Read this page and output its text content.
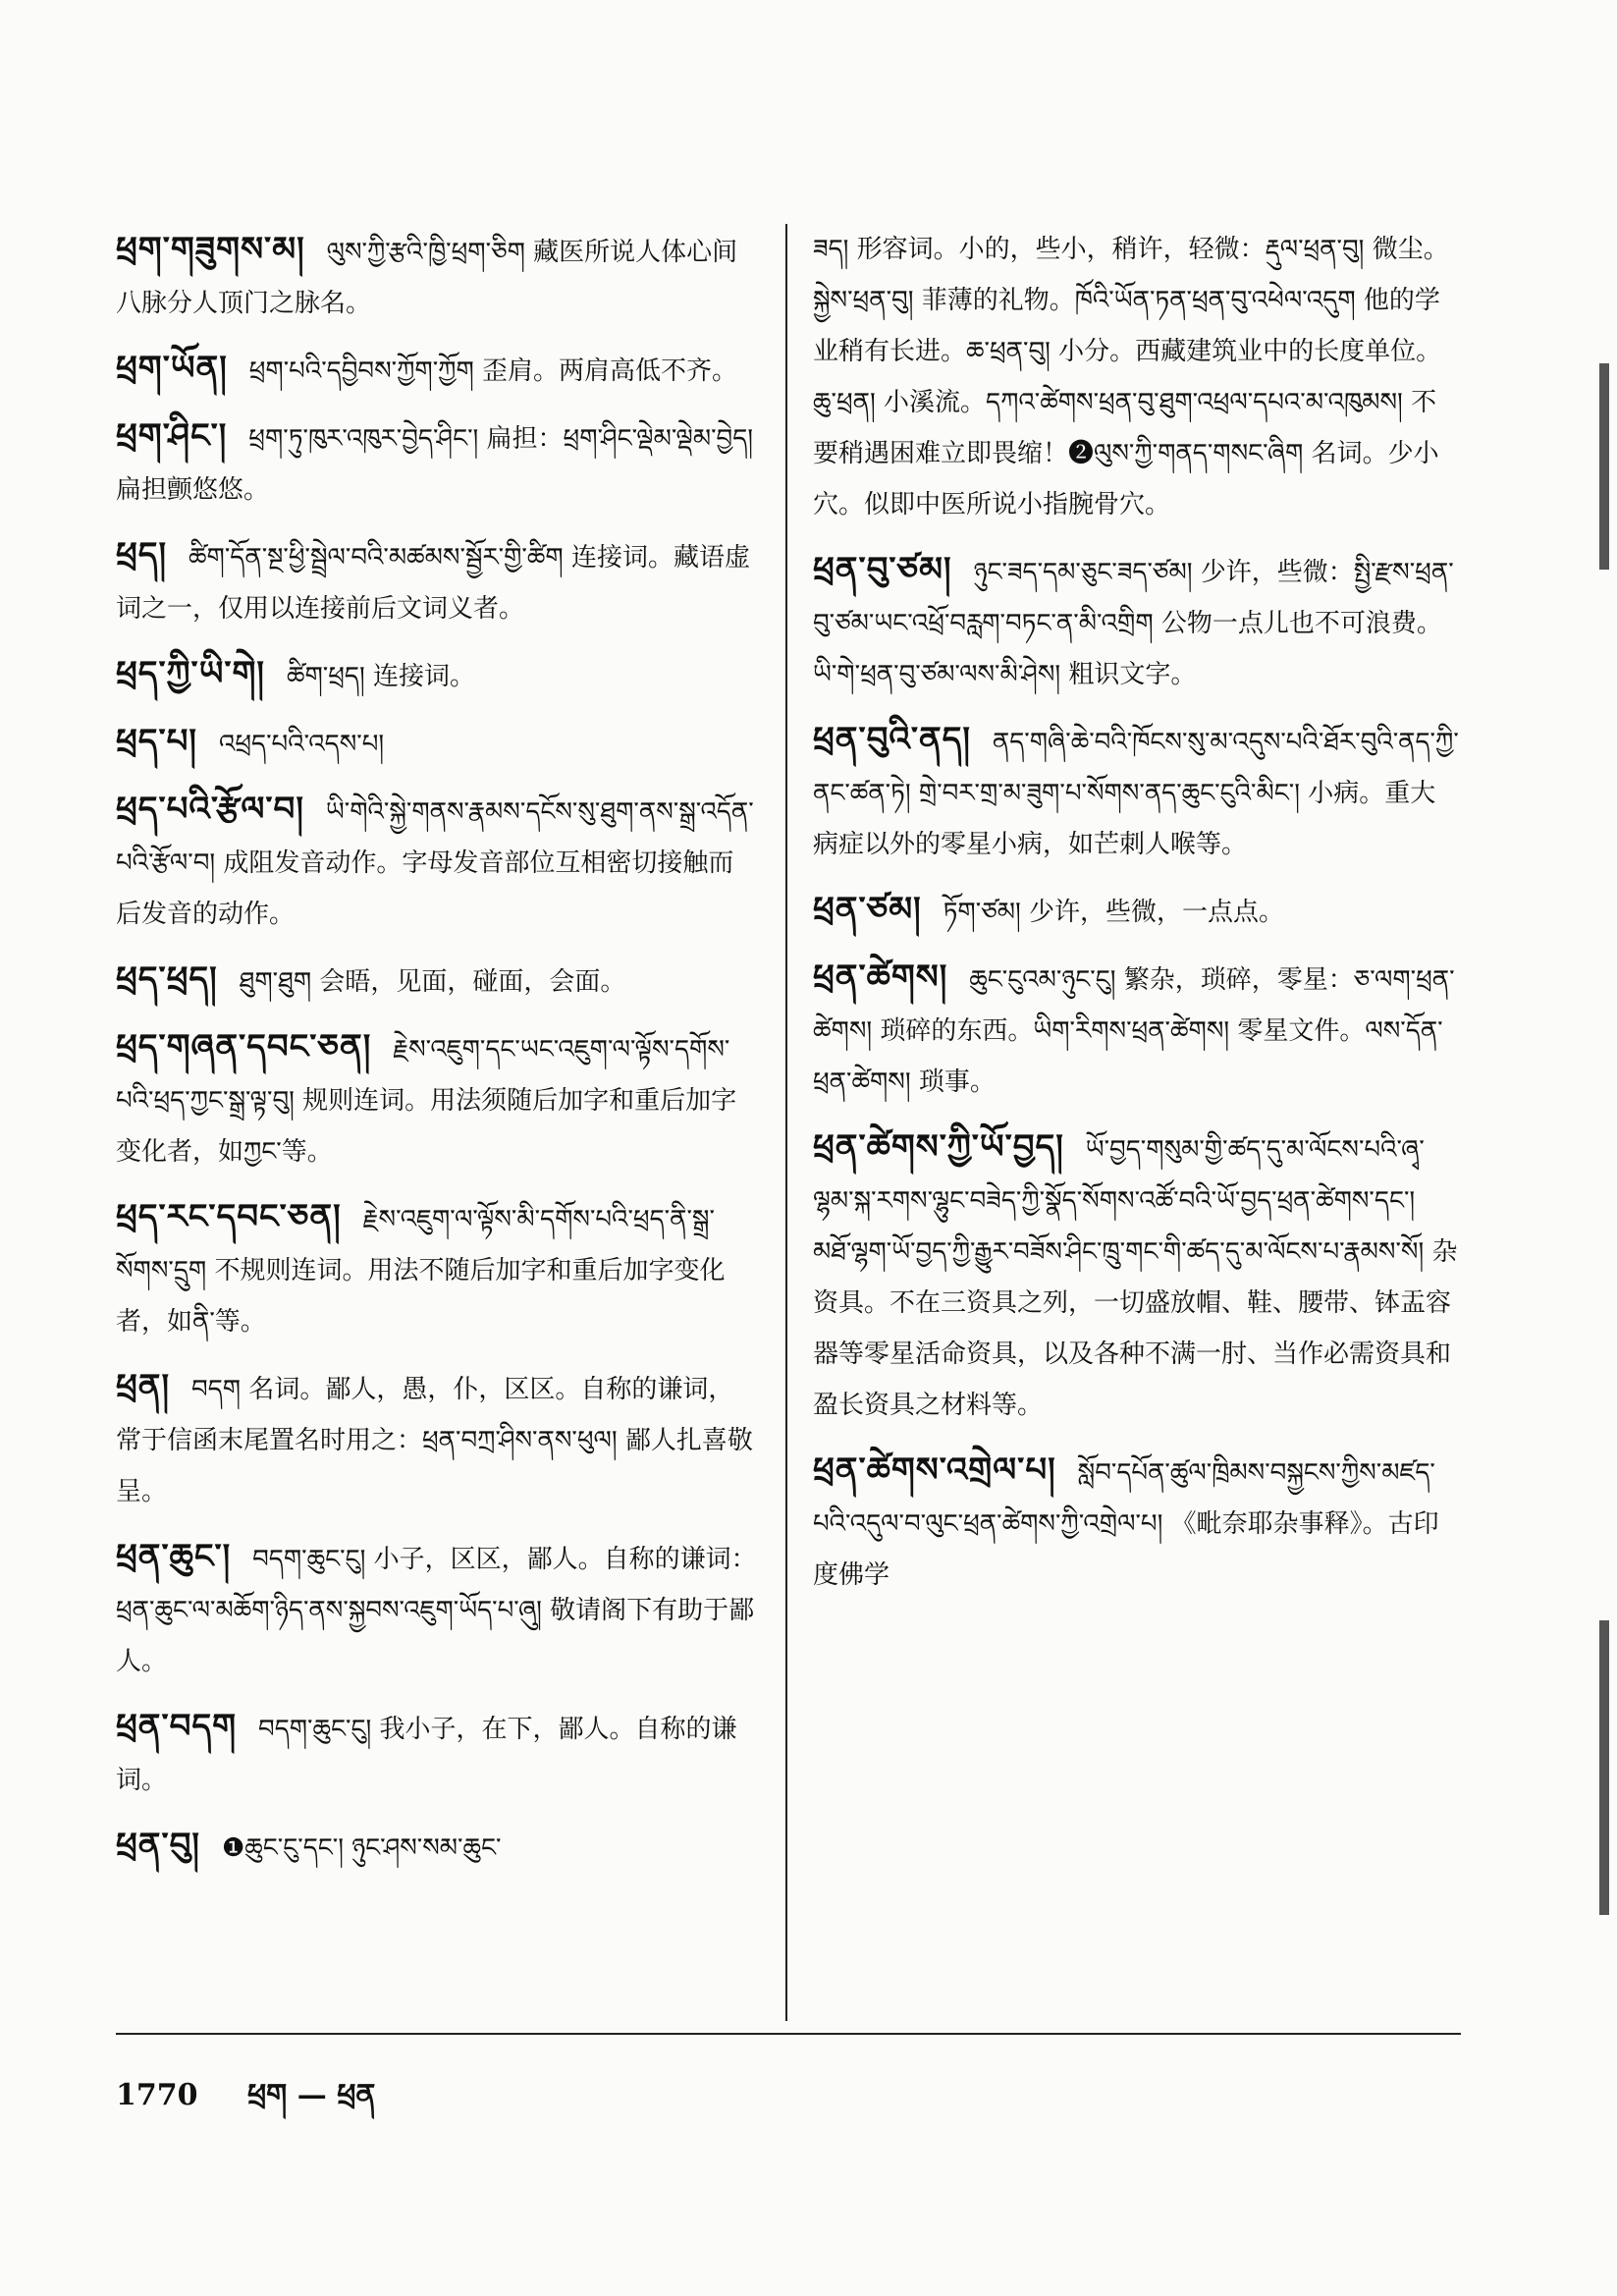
ཕྲག་གཟུགས་མ། ལུས་ཀྱི་རྩའི་ཁྱི་ཕྲག་ཅིག 藏医所说人体心间八脉分人顶门之脉名。
ཕྲག་ཡོན། ཕྲག་པའི་དབྱིབས་ཀྱོག་ཀྱོག 歪肩。两肩高低不齐。
ཕྲག་ཤིང་། ཕྲག་ཏུ་ཁུར་འཁུར་བྱེད་ཤིང་། 扁担：ཕྲག་ཤིང་ལྡེམ་ལྡེམ་བྱེད། 扁担颤悠悠。
ཕྲད། ཚིག་དོན་སྔ་ཕྱི་སྦྲེལ་བའི་མཚམས་སྦྱོར་གྱི་ཚིག 连接词。藏语虚词之一，仅用以连接前后文词义者。
ཕྲད་ཀྱི་ཡི་གེ། ཚིག་ཕྲད། 连接词。
ཕྲད་པ། འཕྲད་པའི་འདས་པ།
ཕྲད་པའི་རྩོལ་བ། ཡི་གེའི་སྐྱེ་གནས་རྣམས་དངོས་སུ་ཐུག་ནས་སྒྲ་འདོན་པའི་རྩོལ་བ། 成阻发音动作。字母发音部位互相密切接触而后发音的动作。
ཕྲད་ཕྲད། ཐུག་ཐུག 会晤，见面，碰面，会面。
ཕྲད་གཞན་དབང་ཅན། རྗེས་འཇུག་དང་ཡང་འཇུག་ལ་ལྟོས་དགོས་པའི་ཕྲད་ཀྱང་སྒྲ་ལྟ་བུ། 规则连词。用法须随后加字和重后加字变化者，如ཀྱང་等。
ཕྲད་རང་དབང་ཅན། རྗེས་འཇུག་ལ་ལྟོས་མི་དགོས་པའི་ཕྲད་ནི་སྒྲ་སོགས་དྲུག 不规则连词。用法不随后加字和重后加字变化者，如ནི་等。
ཕྲན། བདག 名词。鄙人，愚，仆，区区。自称的谦词，常于信函末尾置名时用之：ཕྲན་བཀྲ་ཤིས་ནས་ཕུལ། 鄙人扎喜敬呈。
ཕྲན་ཆུང་། བདག་ཆུང་ངུ། 小子，区区，鄙人。自称的谦词：ཕྲན་ཆུང་ལ་མཆོག་ཉིད་ནས་སྐྱབས་འཇུག་ཡོད་པ་ཞུ། 敬请阁下有助于鄙人。
ཕྲན་བདག བདག་ཆུང་ངུ། 我小子，在下，鄙人。自称的谦词。
ཕྲན་བུ། ❶ཆུང་ངུ་དང་། ཉུང་ཤས་སམ་ཆུང་
ཟད། 形容词。小的，些小，稍许，轻微：རྡུལ་ཕྲན་བུ། 微尘。སྐྱེས་ཕྲན་བུ། 菲薄的礼物。ཁོའི་ཡོན་ཏན་ཕྲན་བུ་འཕེལ་འདུག 他的学业稍有长进。ཆ་ཕྲན་བུ། 小分。西藏建筑业中的长度单位。ཆུ་ཕྲན། 小溪流。དཀའ་ཚེགས་ཕྲན་བུ་ཐུག་འཕྲལ་དཔའ་མ་འཁུམས། 不要稍遇困难立即畏缩！❷ལུས་ཀྱི་གནད་གསང་ཞིག 名词。少小穴。似即中医所说小指腕骨穴。
ཕྲན་བུ་ཙམ། ཉུང་ཟད་དམ་ཅུང་ཟད་ཙམ། 少许，些微：སྤྱི་རྫས་ཕྲན་བུ་ཙམ་ཡང་འཕྲོ་བརླག་བཏང་ན་མི་འགྲིག 公物一点儿也不可浪费。ཡི་གེ་ཕྲན་བུ་ཙམ་ལས་མི་ཤེས། 粗识文字。
ཕྲན་བུའི་ནད། ནད་གཞི་ཆེ་བའི་ཁོངས་སུ་མ་འདུས་པའི་ཐོར་བུའི་ནད་ཀྱི་ནང་ཚན་ཏེ། གྲེ་བར་གྲ་མ་ཟུག་པ་སོགས་ནད་ཆུང་ངུའི་མིང་། 小病。重大病症以外的零星小病，如芒刺人喉等。
ཕྲན་ཙམ། ཏོག་ཙམ། 少许，些微，一点点。
ཕྲན་ཚེགས། ཆུང་ངུའམ་ཉུང་ངུ། 繁杂，琐碎，零星：ཅ་ལག་ཕྲན་ཚེགས། 琐碎的东西。ཡིག་རིགས་ཕྲན་ཚེགས། 零星文件。ལས་དོན་ཕྲན་ཚེགས། 琐事。
ཕྲན་ཚེགས་ཀྱི་ཡོ་བྱད། ཡོ་བྱད་གསུམ་གྱི་ཚད་དུ་མ་ལོངས་པའི་ཞྭ་ལྷམ་སྐ་རགས་ལྷུང་བཟེད་ཀྱི་སྣོད་སོགས་འཚོ་བའི་ཡོ་བྱད་ཕྲན་ཚེགས་དང་། མཐོ་ལྷག་ཡོ་བྱད་ཀྱི་རྒྱུར་བཟོས་ཤིང་ཁྲུ་གང་གི་ཚད་དུ་མ་ལོངས་པ་རྣམས་སོ། 杂资具。不在三资具之列，一切盛放帽、鞋、腰带、钵盂容器等零星活命资具，以及各种不满一肘、当作必需资具和盈长资具之材料等。
ཕྲན་ཚེགས་འགྲེལ་པ། སློབ་དཔོན་ཚུལ་ཁྲིམས་བསྐྱངས་ཀྱིས་མཛད་པའི་འདུལ་བ་ལུང་ཕྲན་ཚེགས་ཀྱི་འགྲེལ་པ། 《毗奈耶杂事释》。古印度佛学
1770 ཕྲག — ཕྲན
